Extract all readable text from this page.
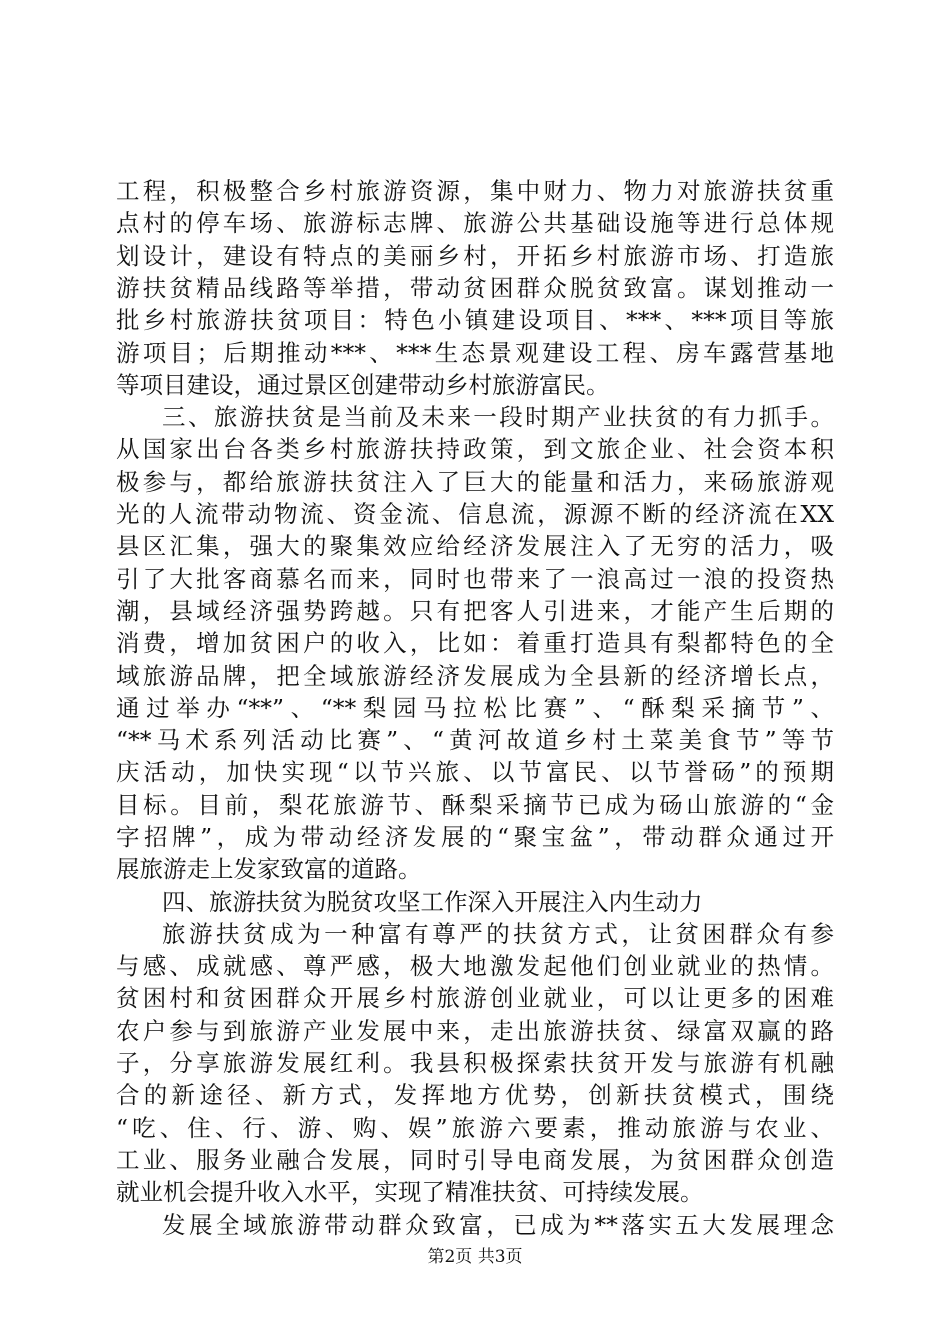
工程，积极整合乡村旅游资源，集中财力、物力对旅游扶贫重
点村的停车场、旅游标志牌、旅游公共基础设施等进行总体规
划设计，建设有特点的美丽乡村，开拓乡村旅游市场、打造旅
游扶贫精品线路等举措，带动贫困群众脱贫致富。谋划推动一
批乡村旅游扶贫项目：特色小镇建设项目、***、***项目等旅
游项目；后期推动***、***生态景观建设工程、房车露营基地
等项目建设，通过景区创建带动乡村旅游富民。
三、旅游扶贫是当前及未来一段时期产业扶贫的有力抓手。
从国家出台各类乡村旅游扶持政策，到文旅企业、社会资本积
极参与，都给旅游扶贫注入了巨大的能量和活力，来砀旅游观
光的人流带动物流、资金流、信息流，源源不断的经济流在XX
县区汇集，强大的聚集效应给经济发展注入了无穷的活力，吸
引了大批客商慕名而来，同时也带来了一浪高过一浪的投资热
潮，县域经济强势跨越。只有把客人引进来，才能产生后期的
消费，增加贫困户的收入，比如：着重打造具有梨都特色的全
域旅游品牌，把全域旅游经济发展成为全县新的经济增长点，
通过举办“**”、“**梨园马拉松比赛”、“酥梨采摘节”、
“**马术系列活动比赛”、“黄河故道乡村土菜美食节”等节
庆活动，加快实现“以节兴旅、以节富民、以节誉砀”的预期
目标。目前，梨花旅游节、酥梨采摘节已成为砀山旅游的“金
字招牌”，成为带动经济发展的“聚宝盆”，带动群众通过开
展旅游走上发家致富的道路。
四、旅游扶贫为脱贫攻坚工作深入开展注入内生动力
旅游扶贫成为一种富有尊严的扶贫方式，让贫困群众有参
与感、成就感、尊严感，极大地激发起他们创业就业的热情。
贫困村和贫困群众开展乡村旅游创业就业，可以让更多的困难
农户参与到旅游产业发展中来，走出旅游扶贫、绿富双赢的路
子，分享旅游发展红利。我县积极探索扶贫开发与旅游有机融
合的新途径、新方式，发挥地方优势，创新扶贫模式，围绕
“吃、住、行、游、购、娱”旅游六要素，推动旅游与农业、
工业、服务业融合发展，同时引导电商发展，为贫困群众创造
就业机会提升收入水平，实现了精准扶贫、可持续发展。
发展全域旅游带动群众致富，已成为**落实五大发展理念
第2页 共3页
